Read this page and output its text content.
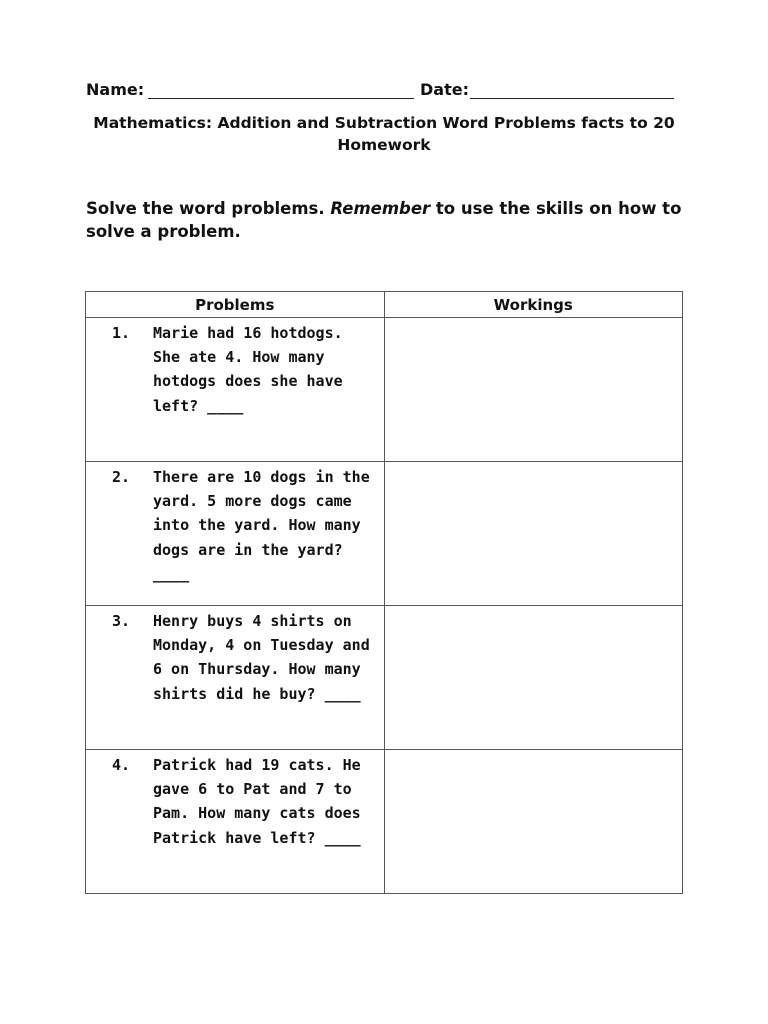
Name:	Date:
Mathematics: Addition and Subtraction Word Problems facts to 20
Homework
Solve the word problems. Remember to use the skills on how to solve a problem.
Problems	Workings

1. Marie had 16 hotdogs. She ate 4. How many hotdogs does she have left? ____	

2. There are 10 dogs in the yard. 5 more dogs came into the yard. How many dogs are in the yard? ____	

3. Henry buys 4 shirts on Monday, 4 on Tuesday and 6 on Thursday. How many shirts did he buy? ____	

4. Patrick had 19 cats. He gave 6 to Pat and 7 to Pam. How many cats does Patrick have left? ____	
